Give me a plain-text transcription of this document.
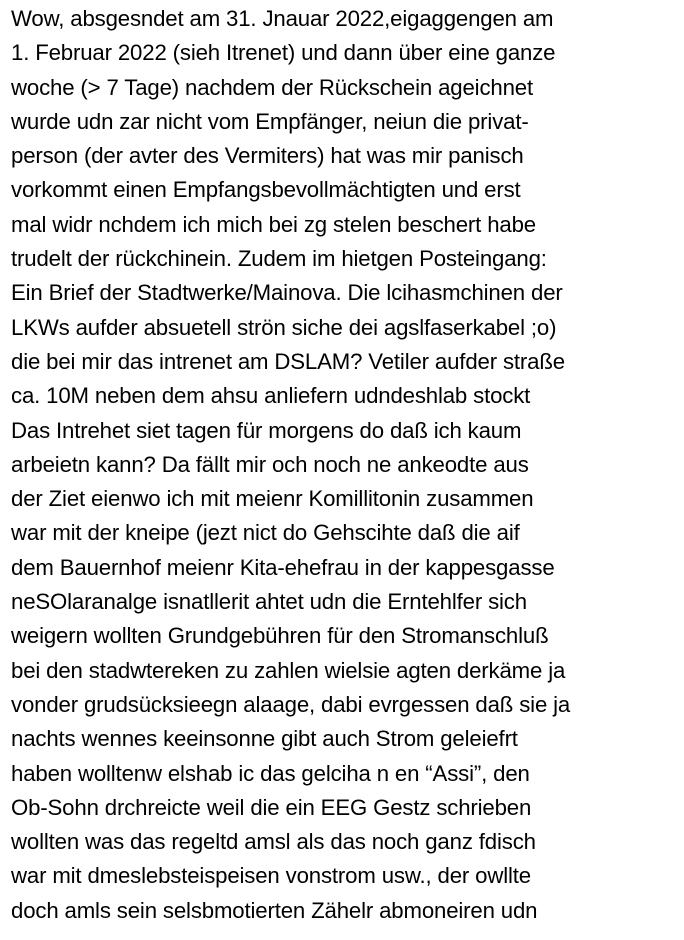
Wow, absgesndet am 31. Jnauar 2022,eigaggengen am
1. Februar 2022 (sieh Itrenet) und dann über eine ganze
woche (> 7 Tage) nachdem der Rückschein ageichnet
wurde udn zar nicht vom Empfänger, neiun die privat-
person (der avter des Vermiters) hat was mir panisch
vorkommt einen Empfangsbevollmächtigten und erst
mal widr nchdem ich mich bei zg stelen beschert habe
trudelt der rückchinein. Zudem im hietgen Posteingang:
Ein Brief der Stadtwerke/Mainova. Die lcihasmchinen der
LKWs aufder absuetell strön siche dei agslfaserkabel ;o)
die bei mir das intrenet am DSLAM? Vetiler aufder straße
ca. 10M neben dem ahsu anliefern udndeshlab stockt
Das Intrehet siet tagen für morgens do daß ich kaum
arbeietn kann? Da fällt mir och noch ne ankeodte aus
der Ziet eienwo ich mit meienr Komillitonin zusammen
war mit der kneipe (jezt nict do Gehscihte daß die aif
dem Bauernhof meienr Kita-ehefrau in der kappesgasse
neSOlaranalge isnatllerit ahtet udn die Erntehlfer sich
weigern wollten Grundgebühren für den Stromanschluß
bei den stadwtereken zu zahlen wielsie agten derkäme ja
vonder grudsücksieegn alaage, dabi evrgessen daß sie ja
nachts wennes keeinsonne gibt auch Strom geleiefrt
haben wolltenw elshab ic das gelciha n en “Assi”, den
Ob-Sohn drchreicte weil die ein EEG Gestz schrieben
wollten was das regeltd amsl als das noch ganz fdisch
war mit dmeslebsteispeisen vonstrom usw., der owllte
doch amls sein selsbmotierten Zähelr abmoneiren udn
